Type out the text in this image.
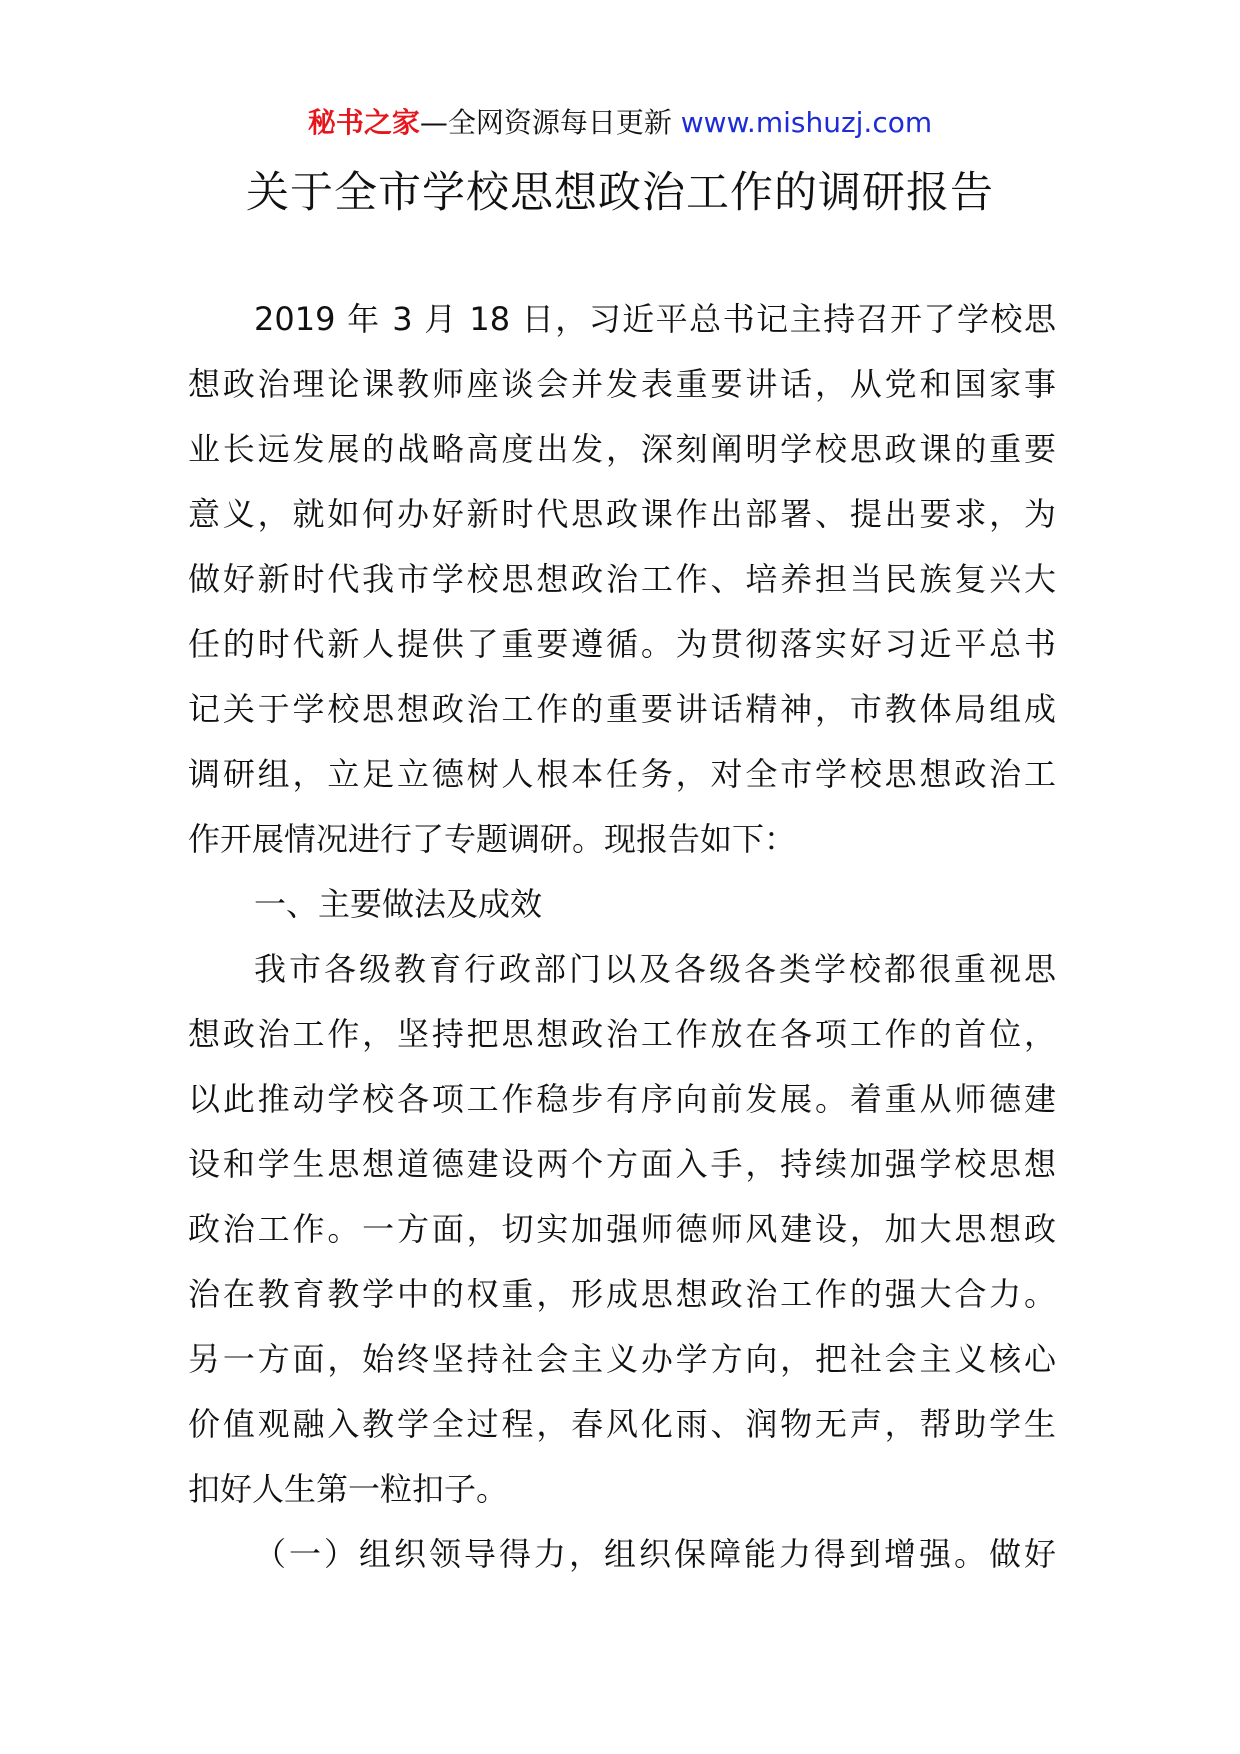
秘书之家—全网资源每日更新 www.mishuzj.com
关于全市学校思想政治工作的调研报告
2019 年 3 月 18 日，习近平总书记主持召开了学校思
想政治理论课教师座谈会并发表重要讲话，从党和国家事
业长远发展的战略高度出发，深刻阐明学校思政课的重要
意义，就如何办好新时代思政课作出部署、提出要求，为
做好新时代我市学校思想政治工作、培养担当民族复兴大
任的时代新人提供了重要遵循。为贯彻落实好习近平总书
记关于学校思想政治工作的重要讲话精神，市教体局组成
调研组，立足立德树人根本任务，对全市学校思想政治工
作开展情况进行了专题调研。现报告如下：
一、主要做法及成效
我市各级教育行政部门以及各级各类学校都很重视思
想政治工作，坚持把思想政治工作放在各项工作的首位，
以此推动学校各项工作稳步有序向前发展。着重从师德建
设和学生思想道德建设两个方面入手，持续加强学校思想
政治工作。一方面，切实加强师德师风建设，加大思想政
治在教育教学中的权重，形成思想政治工作的强大合力。
另一方面，始终坚持社会主义办学方向，把社会主义核心
价值观融入教学全过程，春风化雨、润物无声，帮助学生
扣好人生第一粒扣子。
（一）组织领导得力，组织保障能力得到增强。做好
